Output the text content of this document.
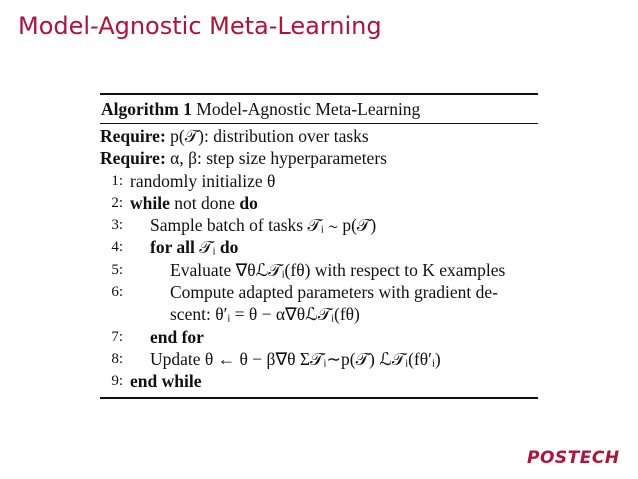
Model-Agnostic Meta-Learning
Algorithm 1 Model-Agnostic Meta-Learning
Require: p(𝒯): distribution over tasks
Require: α, β: step size hyperparameters
1: randomly initialize θ
2: while not done do
3: Sample batch of tasks 𝒯ᵢ ∼ p(𝒯)
4: for all 𝒯ᵢ do
5:	Evaluate ∇θℒ𝒯ᵢ(fθ) with respect to K examples
6:	Compute adapted parameters with gradient de-
scent: θ′ᵢ = θ − α∇θℒ𝒯ᵢ(fθ)
7: end for
8: Update θ ← θ − β∇θ Σ𝒯ᵢ∼p(𝒯) ℒ𝒯ᵢ(fθ′ᵢ)
9: end while
POSTECH
